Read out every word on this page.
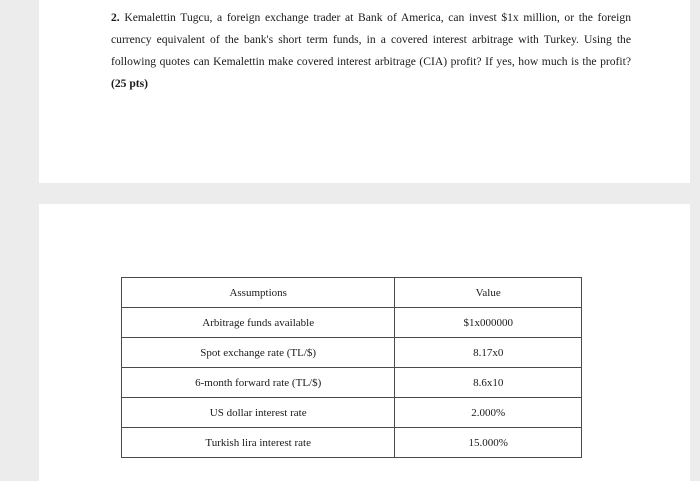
2. Kemalettin Tugcu, a foreign exchange trader at Bank of America, can invest $1x million, or the foreign currency equivalent of the bank's short term funds, in a covered interest arbitrage with Turkey. Using the following quotes can Kemalettin make covered interest arbitrage (CIA) profit? If yes, how much is the profit? (25 pts)

Assumptions	Value
Arbitrage funds available	$1x000000
Spot exchange rate (TL/$)	8.17x0
6-month forward rate (TL/$)	8.6x10
US dollar interest rate	2.000%
Turkish lira interest rate	15.000%
